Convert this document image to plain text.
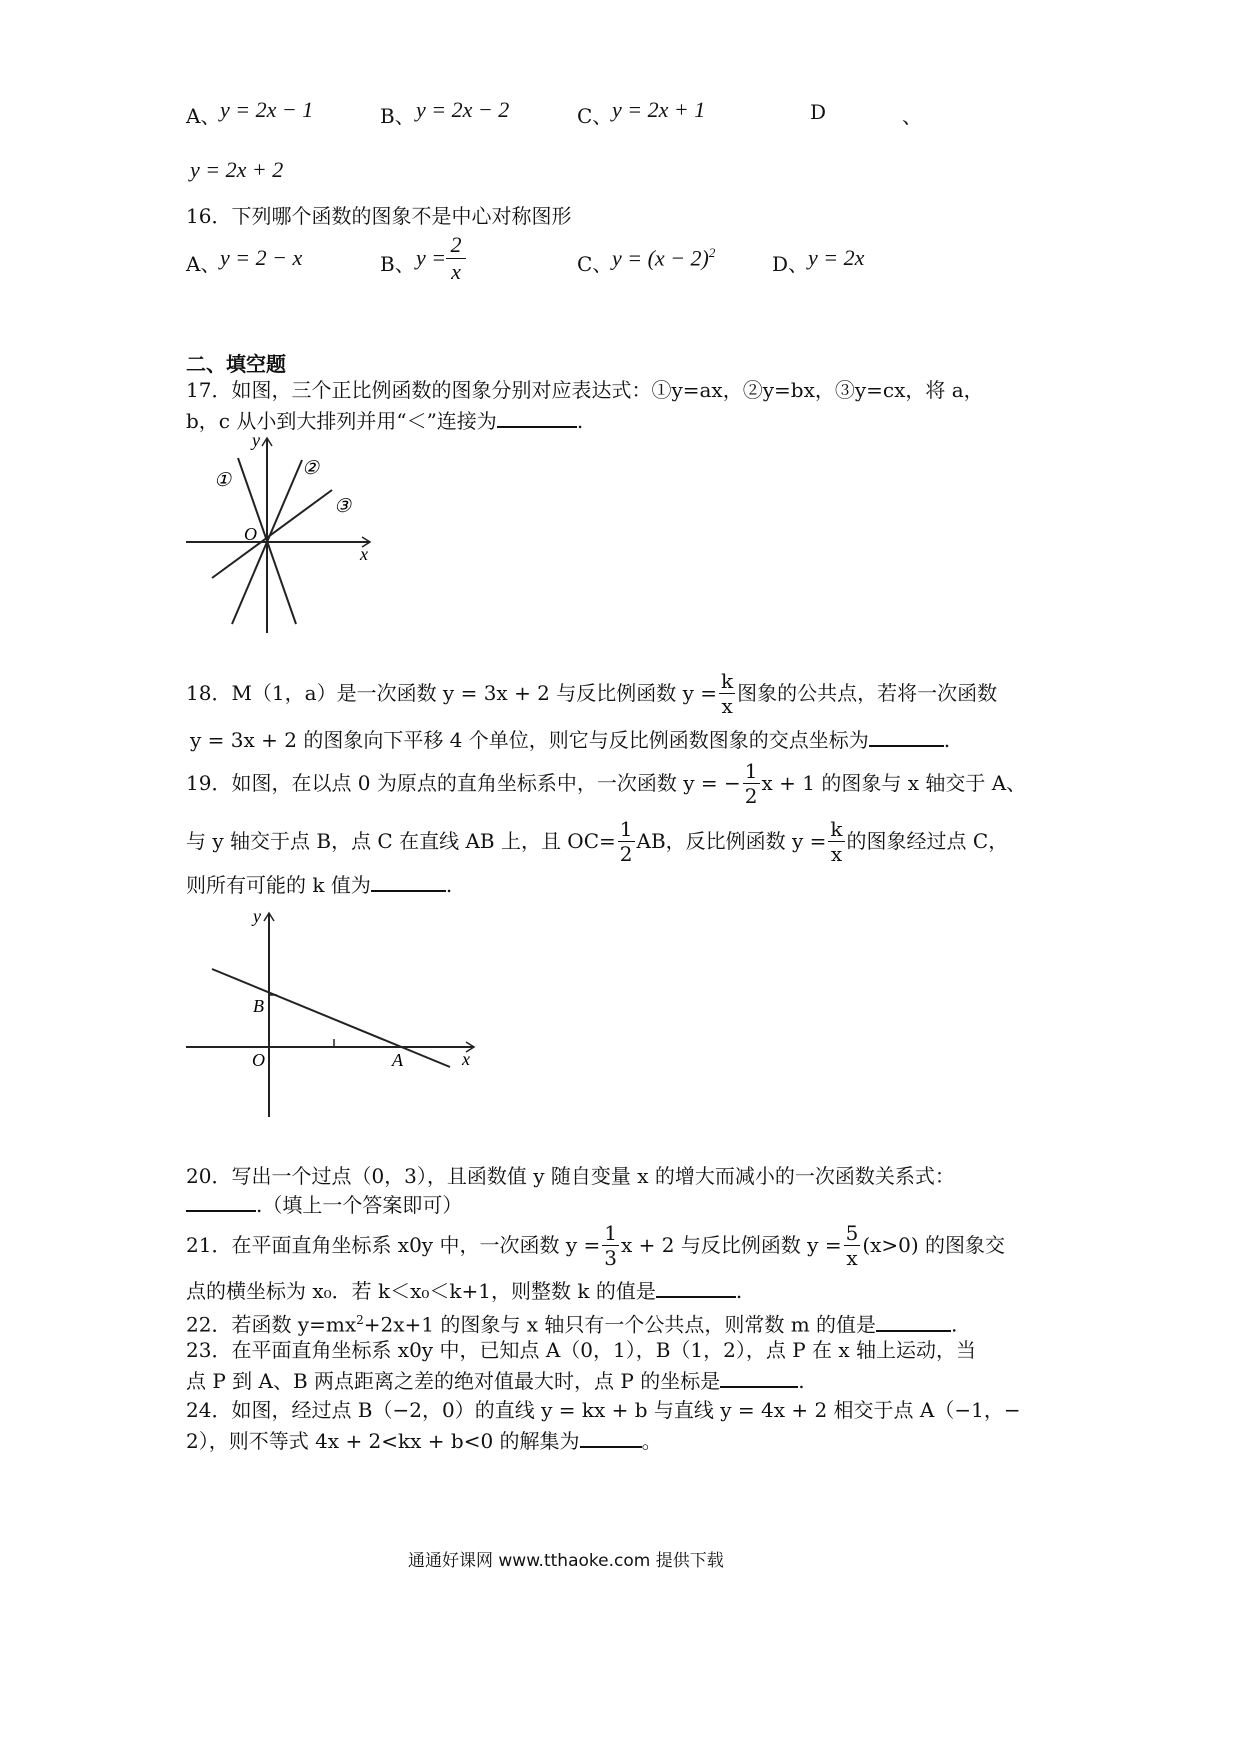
A、 y = 2x − 1	B、 y = 2x − 2	C、 y = 2x + 1	D	、
y = 2x + 2
16．下列哪个函数的图象不是中心对称图形
A、 y = 2 − x	B、 $y = \frac{2}{x}$	C、 $y = (x - 2)^2$	D、 y = 2x
二、填空题
17．如图，三个正比例函数的图象分别对应表达式：①y=ax，②y=bx，③y=cx，将 a，
b，c 从小到大排列并用“＜”连接为	.
y
x
O
①
②
③
18．M（1，a）是一次函数 y = 3x + 2 与反比例函数 $y = \frac{k}{x}$ 图象的公共点，若将一次函数
y = 3x + 2 的图象向下平移 4 个单位，则它与反比例函数图象的交点坐标为	.
19．如图，在以点 0 为原点的直角坐标系中，一次函数 y = − $\frac{1}{2}$ x + 1 的图象与 x 轴交于 A、
与 y 轴交于点 B，点 C 在直线 AB 上，且 $OC= \frac{1}{2}$ AB，反比例函数 $y = \frac{k}{x}$ 的图象经过点 C，
则所有可能的 k 值为	.
y
x
O	A
B
20．写出一个过点（0，3），且函数值 y 随自变量 x 的增大而减小的一次函数关系式：
.（填上一个答案即可）
21．在平面直角坐标系 x0y 中，一次函数 $y = \frac{1}{3}$ x + 2 与反比例函数 $y = \frac{5}{x} (x>0)$ 的图象交
点的横坐标为 x₀．若 k＜x₀＜k+1，则整数 k 的值是	.
22．若函数 $y=mx^2+2x+1$ 的图象与 x 轴只有一个公共点，则常数 m 的值是	.
23．在平面直角坐标系 x0y 中，已知点 A（0，1），B（1，2），点 P 在 x 轴上运动，当
点 P 到 A、B 两点距离之差的绝对值最大时，点 P 的坐标是	.
24．如图，经过点 B（−2，0）的直线 y = kx + b 与直线 y = 4x + 2 相交于点 A（−1，−
2），则不等式 4x + 2<kx + b<0 的解集为	。
通通好课网 www.tthaoke.com 提供下载
